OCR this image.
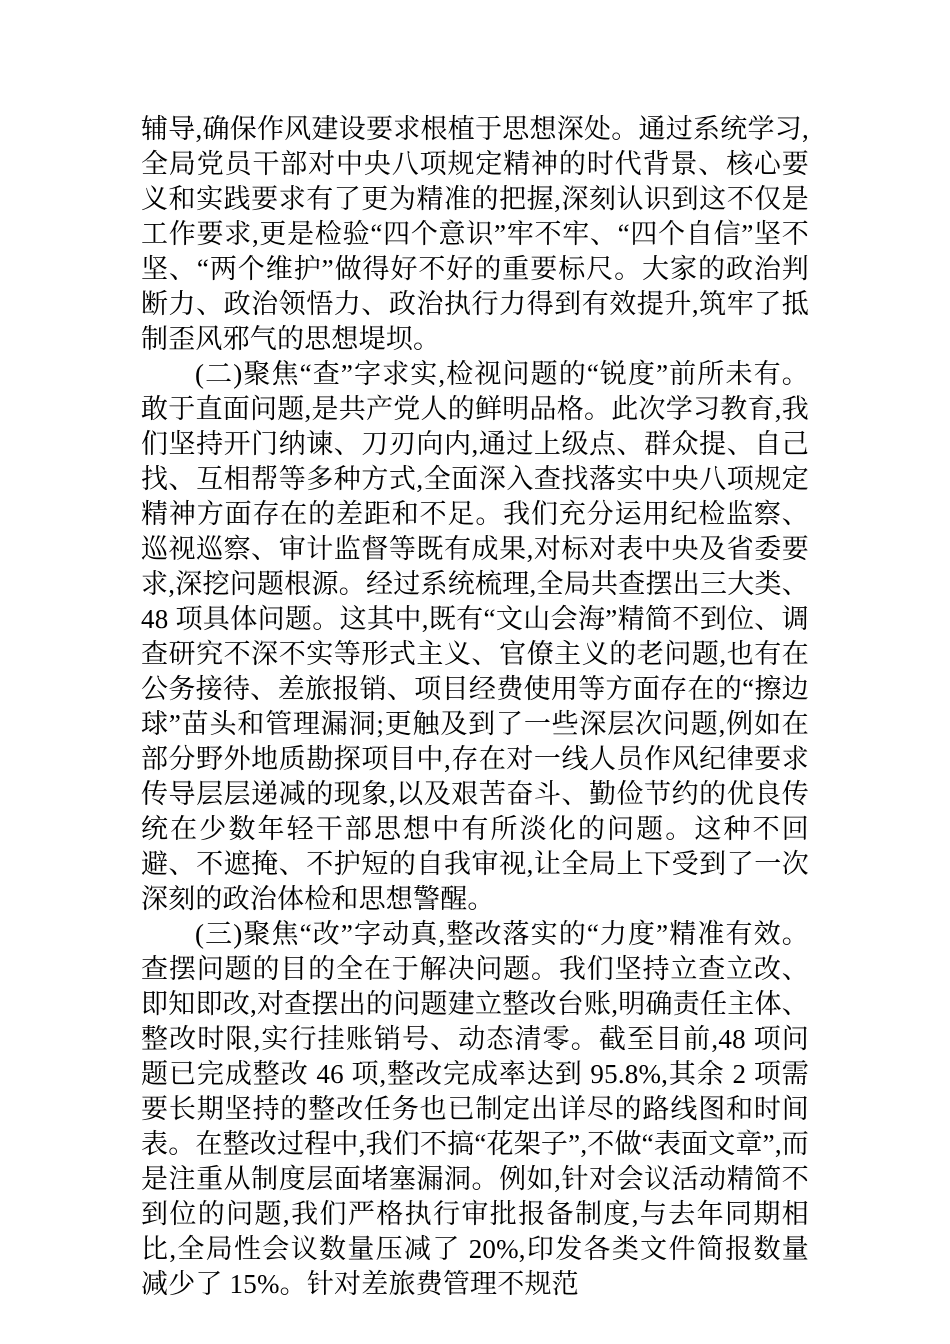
辅导,确保作风建设要求根植于思想深处。通过系统学习,全局党员干部对中央八项规定精神的时代背景、核心要义和实践要求有了更为精准的把握,深刻认识到这不仅是工作要求,更是检验“四个意识”牢不牢、“四个自信”坚不坚、“两个维护”做得好不好的重要标尺。大家的政治判断力、政治领悟力、政治执行力得到有效提升,筑牢了抵制歪风邪气的思想堤坝。

(二)聚焦“查”字求实,检视问题的“锐度”前所未有。敢于直面问题,是共产党人的鲜明品格。此次学习教育,我们坚持开门纳谏、刀刃向内,通过上级点、群众提、自己找、互相帮等多种方式,全面深入查找落实中央八项规定精神方面存在的差距和不足。我们充分运用纪检监察、巡视巡察、审计监督等既有成果,对标对表中央及省委要求,深挖问题根源。经过系统梳理,全局共查摆出三大类、48 项具体问题。这其中,既有“文山会海”精简不到位、调查研究不深不实等形式主义、官僚主义的老问题,也有在公务接待、差旅报销、项目经费使用等方面存在的“擦边球”苗头和管理漏洞;更触及到了一些深层次问题,例如在部分野外地质勘探项目中,存在对一线人员作风纪律要求传导层层递减的现象,以及艰苦奋斗、勤俭节约的优良传统在少数年轻干部思想中有所淡化的问题。这种不回避、不遮掩、不护短的自我审视,让全局上下受到了一次深刻的政治体检和思想警醒。

(三)聚焦“改”字动真,整改落实的“力度”精准有效。查摆问题的目的全在于解决问题。我们坚持立查立改、即知即改,对查摆出的问题建立整改台账,明确责任主体、整改时限,实行挂账销号、动态清零。截至目前,48 项问题已完成整改 46 项,整改完成率达到 95.8%,其余 2 项需要长期坚持的整改任务也已制定出详尽的路线图和时间表。在整改过程中,我们不搞“花架子”,不做“表面文章”,而是注重从制度层面堵塞漏洞。例如,针对会议活动精简不到位的问题,我们严格执行审批报备制度,与去年同期相比,全局性会议数量压减了 20%,印发各类文件简报数量减少了 15%。针对差旅费管理不规范
